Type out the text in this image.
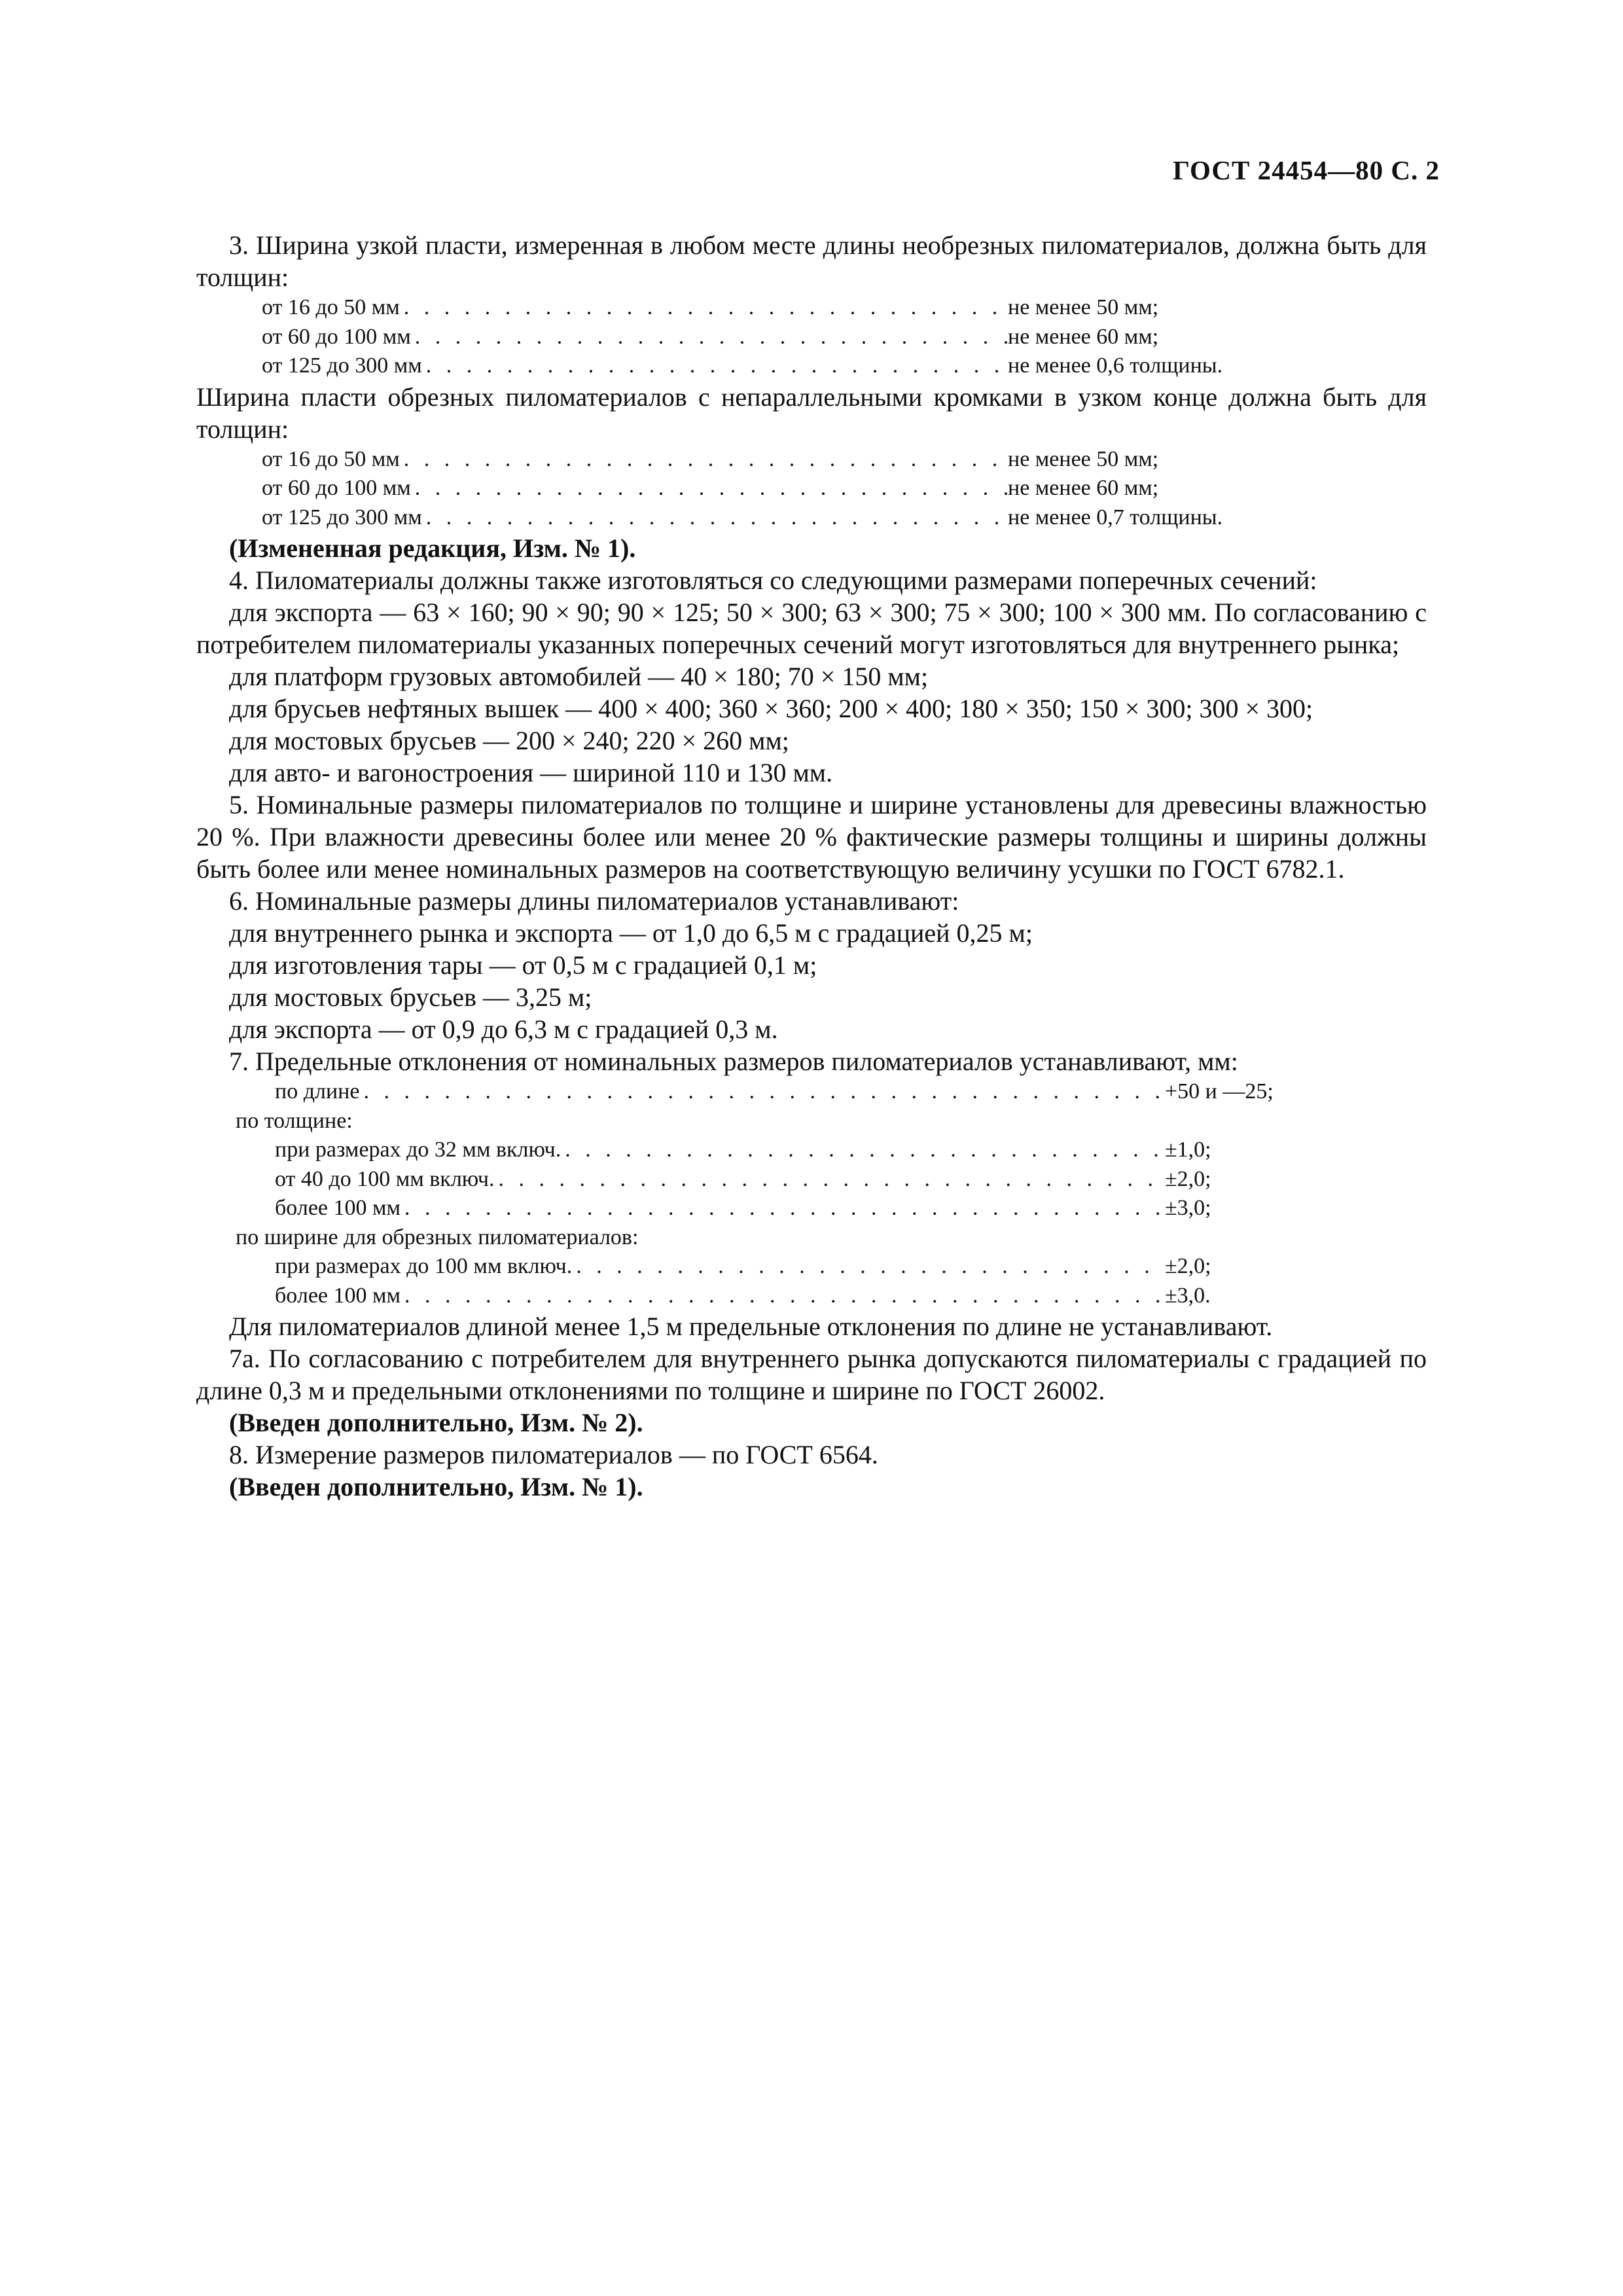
ГОСТ 24454—80 С. 2

3. Ширина узкой пласти, измеренная в любом месте длины необрезных пиломатериалов, должна быть для толщин:

от 16 до 50 мм . . .	не менее 50 мм;
от 60 до 100 мм . . .	не менее 60 мм;
от 125 до 300 мм . . .	не менее 0,6 толщины.

Ширина пласти обрезных пиломатериалов с непараллельными кромками в узком конце должна быть для толщин:

от 16 до 50 мм . . .	не менее 50 мм;
от 60 до 100 мм . . .	не менее 60 мм;
от 125 до 300 мм . . .	не менее 0,7 толщины.

(Измененная редакция, Изм. № 1).

4. Пиломатериалы должны также изготовляться со следующими размерами поперечных сечений:

для экспорта — 63 × 160; 90 × 90; 90 × 125; 50 × 300; 63 × 300; 75 × 300; 100 × 300 мм. По согласованию с потребителем пиломатериалы указанных поперечных сечений могут изготовляться для внутреннего рынка;

для платформ грузовых автомобилей — 40 × 180; 70 × 150 мм;

для брусьев нефтяных вышек — 400 × 400; 360 × 360; 200 × 400; 180 × 350; 150 × 300; 300 × 300;

для мостовых брусьев — 200 × 240; 220 × 260 мм;

для авто- и вагоностроения — шириной 110 и 130 мм.

5. Номинальные размеры пиломатериалов по толщине и ширине установлены для древесины влажностью 20 %. При влажности древесины более или менее 20 % фактические размеры толщины и ширины должны быть более или менее номинальных размеров на соответствующую величину усушки по ГОСТ 6782.1.

6. Номинальные размеры длины пиломатериалов устанавливают:

для внутреннего рынка и экспорта — от 1,0 до 6,5 м с градацией 0,25 м;

для изготовления тары — от 0,5 м с градацией 0,1 м;

для мостовых брусьев — 3,25 м;

для экспорта — от 0,9 до 6,3 м с градацией 0,3 м.

7. Предельные отклонения от номинальных размеров пиломатериалов устанавливают, мм:

по длине . . .	+50 и —25;
по толщине:
при размерах до 32 мм включ. . . .	±1,0;
от 40 до 100 мм включ. . . .	±2,0;
более 100 мм . . .	±3,0;
по ширине для обрезных пиломатериалов:
при размерах до 100 мм включ. . . .	±2,0;
более 100 мм . . .	±3,0.

Для пиломатериалов длиной менее 1,5 м предельные отклонения по длине не устанавливают.

7а. По согласованию с потребителем для внутреннего рынка допускаются пиломатериалы с градацией по длине 0,3 м и предельными отклонениями по толщине и ширине по ГОСТ 26002.

(Введен дополнительно, Изм. № 2).

8. Измерение размеров пиломатериалов — по ГОСТ 6564.

(Введен дополнительно, Изм. № 1).
